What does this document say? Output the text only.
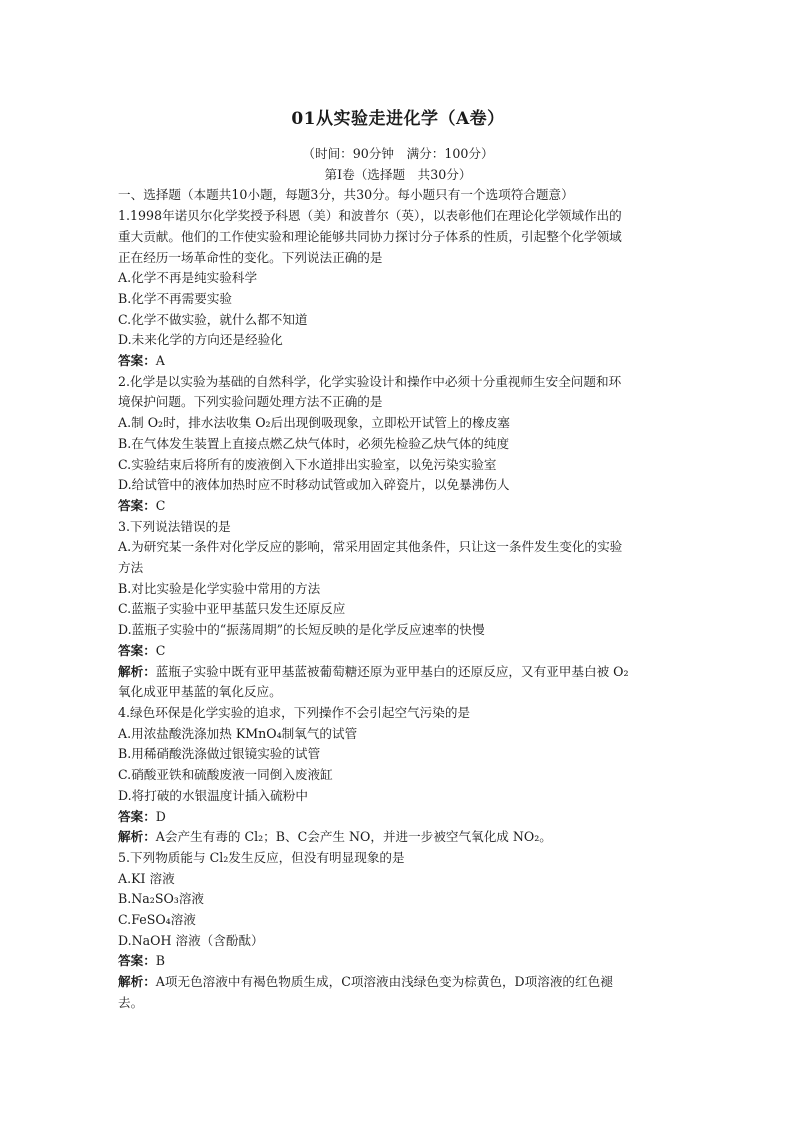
01从实验走进化学（A卷）
（时间：90分钟　满分：100分）
第Ⅰ卷（选择题　共30分）
一、选择题（本题共10小题，每题3分，共30分。每小题只有一个选项符合题意）
1.1998年诺贝尔化学奖授予科恩（美）和波普尔（英），以表彰他们在理论化学领域作出的
重大贡献。他们的工作使实验和理论能够共同协力探讨分子体系的性质，引起整个化学领域
正在经历一场革命性的变化。下列说法正确的是
A.化学不再是纯实验科学
B.化学不再需要实验
C.化学不做实验，就什么都不知道
D.未来化学的方向还是经验化
答案：A
2.化学是以实验为基础的自然科学，化学实验设计和操作中必须十分重视师生安全问题和环
境保护问题。下列实验问题处理方法不正确的是
A.制 O₂时，排水法收集 O₂后出现倒吸现象，立即松开试管上的橡皮塞
B.在气体发生装置上直接点燃乙炔气体时，必须先检验乙炔气体的纯度
C.实验结束后将所有的废液倒入下水道排出实验室，以免污染实验室
D.给试管中的液体加热时应不时移动试管或加入碎瓷片，以免暴沸伤人
答案：C
3.下列说法错误的是
A.为研究某一条件对化学反应的影响，常采用固定其他条件，只让这一条件发生变化的实验
方法
B.对比实验是化学实验中常用的方法
C.蓝瓶子实验中亚甲基蓝只发生还原反应
D.蓝瓶子实验中的“振荡周期”的长短反映的是化学反应速率的快慢
答案：C
解析：蓝瓶子实验中既有亚甲基蓝被葡萄糖还原为亚甲基白的还原反应，又有亚甲基白被 O₂
氧化成亚甲基蓝的氧化反应。
4.绿色环保是化学实验的追求，下列操作不会引起空气污染的是
A.用浓盐酸洗涤加热 KMnO₄制氧气的试管
B.用稀硝酸洗涤做过银镜实验的试管
C.硝酸亚铁和硫酸废液一同倒入废液缸
D.将打破的水银温度计插入硫粉中
答案：D
解析：A会产生有毒的 Cl₂；B、C会产生 NO，并进一步被空气氧化成 NO₂。
5.下列物质能与 Cl₂发生反应，但没有明显现象的是
A.KI 溶液
B.Na₂SO₃溶液
C.FeSO₄溶液
D.NaOH 溶液（含酚酞）
答案：B
解析：A项无色溶液中有褐色物质生成，C项溶液由浅绿色变为棕黄色，D项溶液的红色褪
去。
